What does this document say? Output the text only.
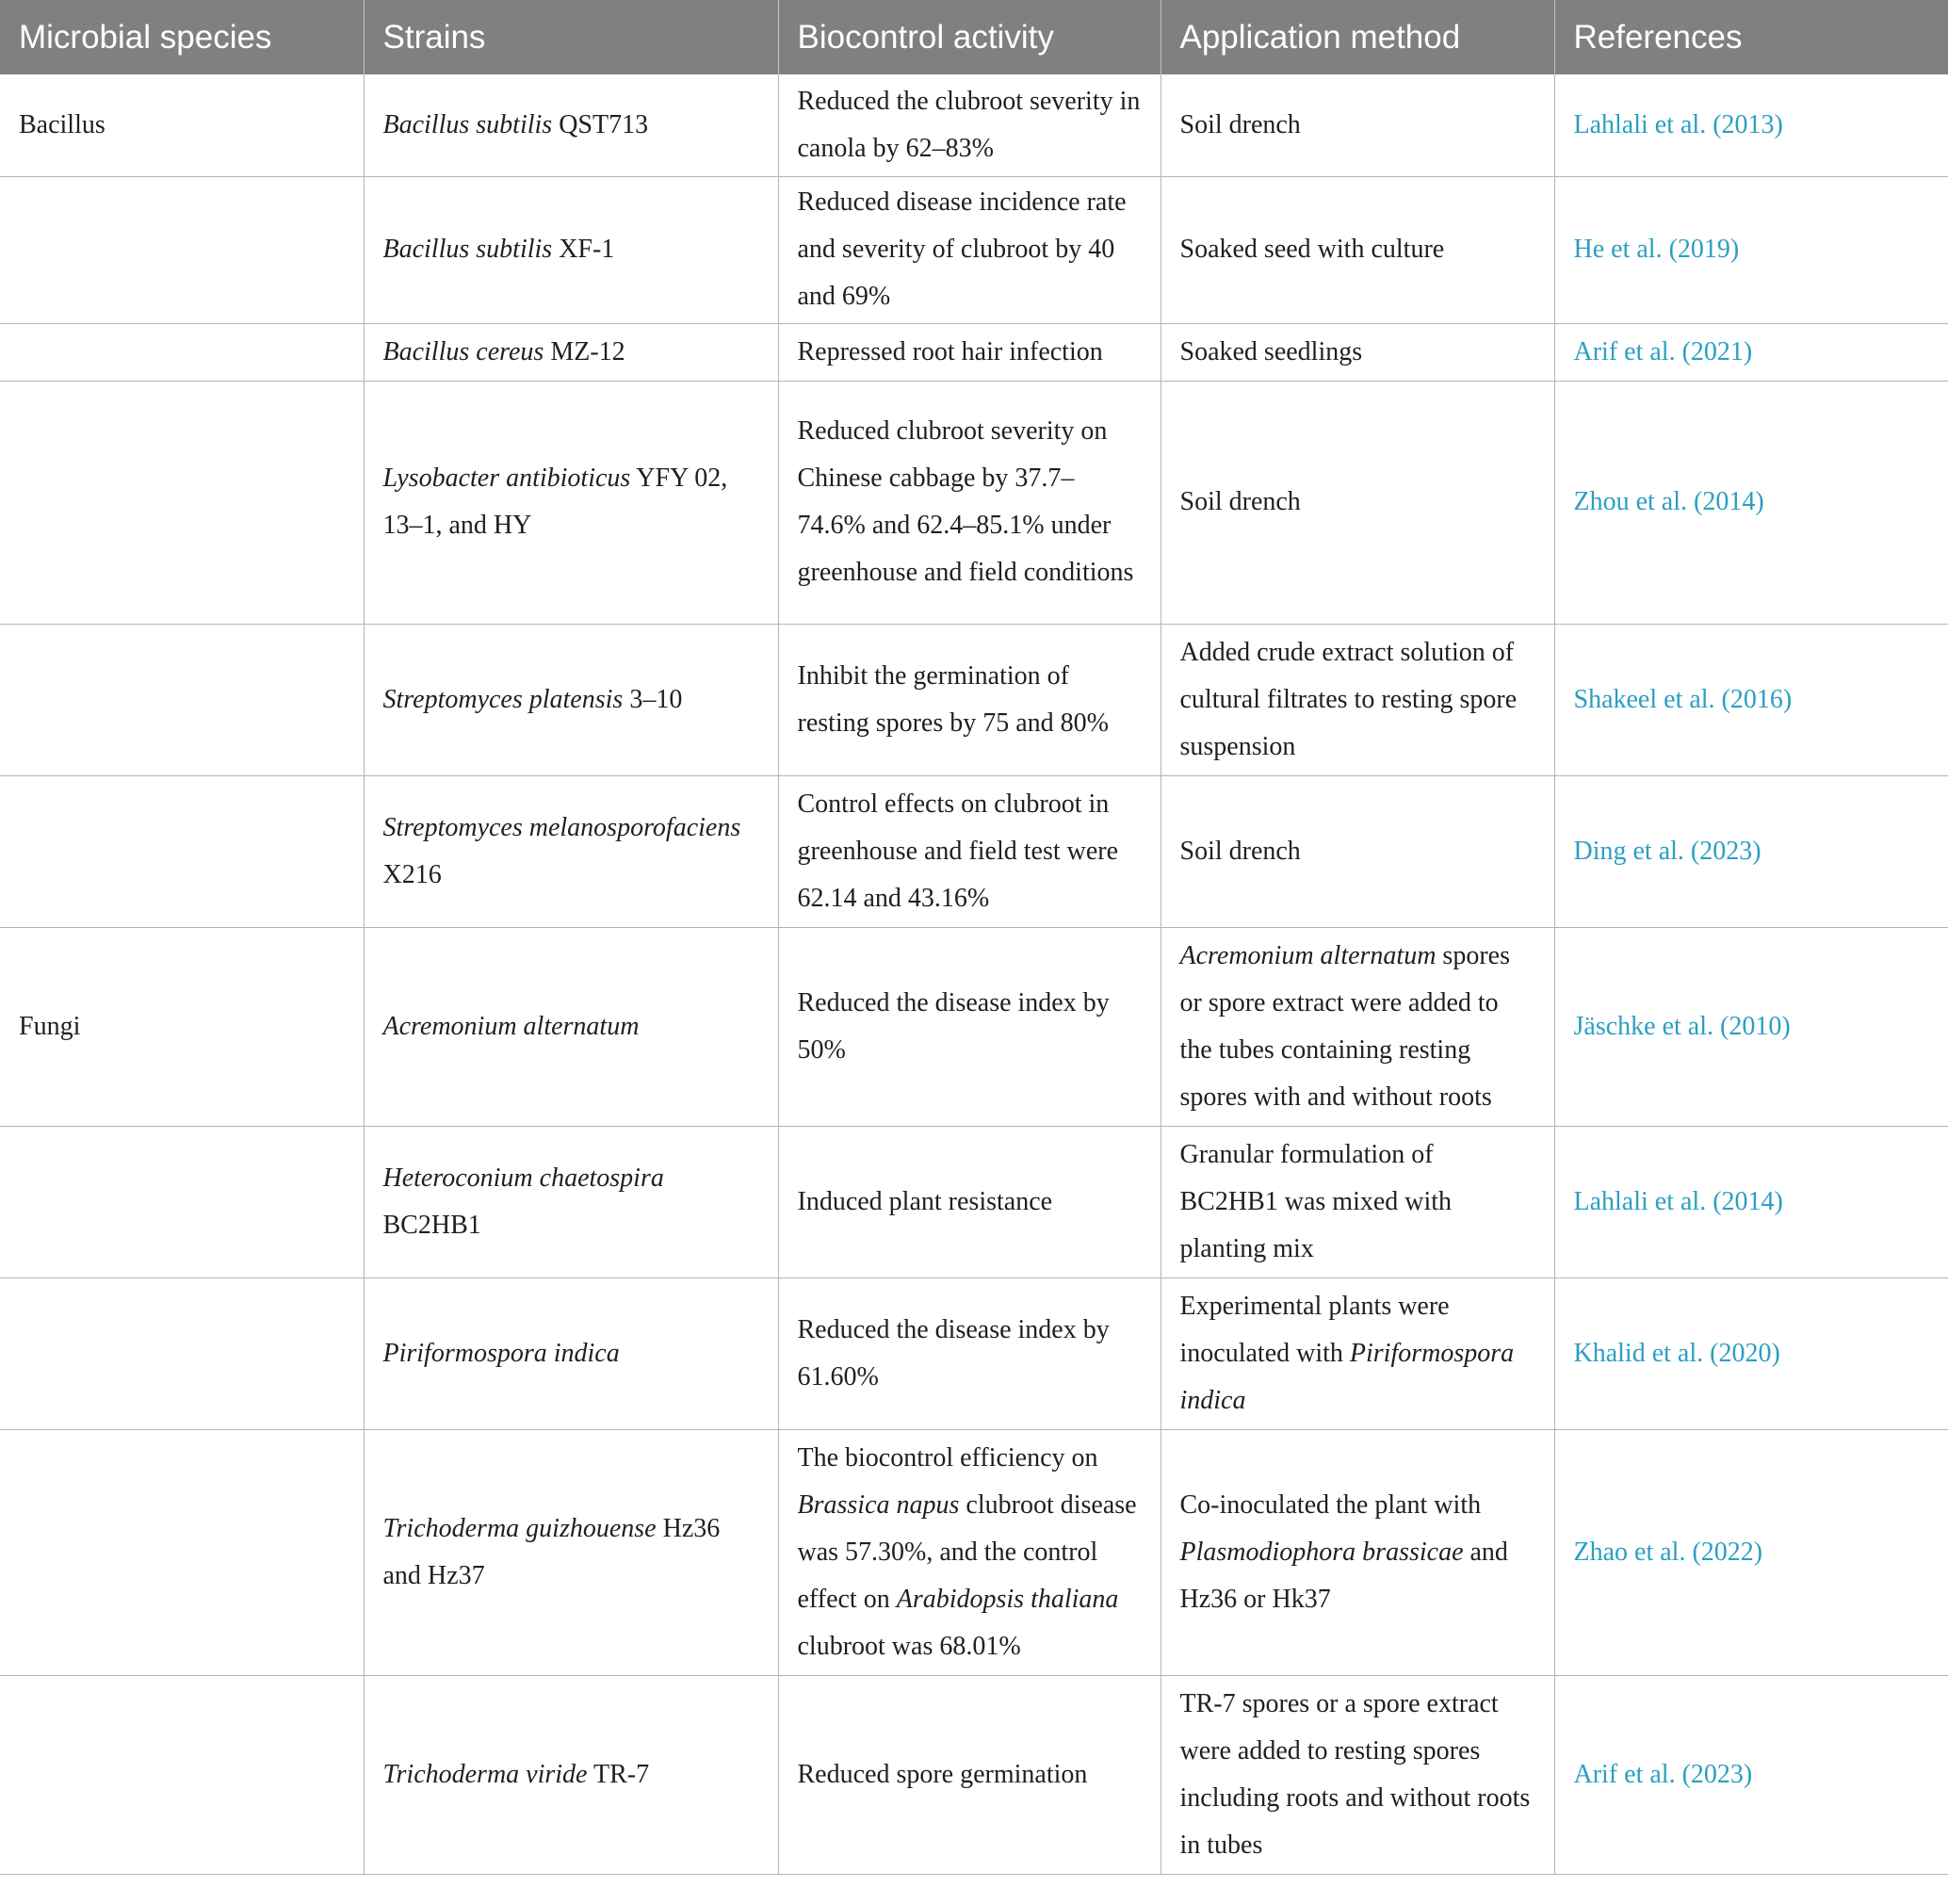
Microbial species	Strains	Biocontrol activity	Application method	References
Bacillus	Bacillus subtilis QST713	Reduced the clubroot severity in canola by 62–83%	Soil drench	Lahlali et al. (2013)
	Bacillus subtilis XF-1	Reduced disease incidence rate and severity of clubroot by 40 and 69%	Soaked seed with culture	He et al. (2019)
	Bacillus cereus MZ-12	Repressed root hair infection	Soaked seedlings	Arif et al. (2021)
	Lysobacter antibioticus YFY 02, 13–1, and HY	Reduced clubroot severity on Chinese cabbage by 37.7–74.6% and 62.4–85.1% under greenhouse and field conditions	Soil drench	Zhou et al. (2014)
	Streptomyces platensis 3–10	Inhibit the germination of resting spores by 75 and 80%	Added crude extract solution of cultural filtrates to resting spore suspension	Shakeel et al. (2016)
	Streptomyces melanosporofaciens X216	Control effects on clubroot in greenhouse and field test were 62.14 and 43.16%	Soil drench	Ding et al. (2023)
Fungi	Acremonium alternatum	Reduced the disease index by 50%	Acremonium alternatum spores or spore extract were added to the tubes containing resting spores with and without roots	Jäschke et al. (2010)
	Heteroconium chaetospira BC2HB1	Induced plant resistance	Granular formulation of BC2HB1 was mixed with planting mix	Lahlali et al. (2014)
	Piriformospora indica	Reduced the disease index by 61.60%	Experimental plants were inoculated with Piriformospora indica	Khalid et al. (2020)
	Trichoderma guizhouense Hz36 and Hz37	The biocontrol efficiency on Brassica napus clubroot disease was 57.30%, and the control effect on Arabidopsis thaliana clubroot was 68.01%	Co-inoculated the plant with Plasmodiophora brassicae and Hz36 or Hk37	Zhao et al. (2022)
	Trichoderma viride TR-7	Reduced spore germination	TR-7 spores or a spore extract were added to resting spores including roots and without roots in tubes	Arif et al. (2023)
